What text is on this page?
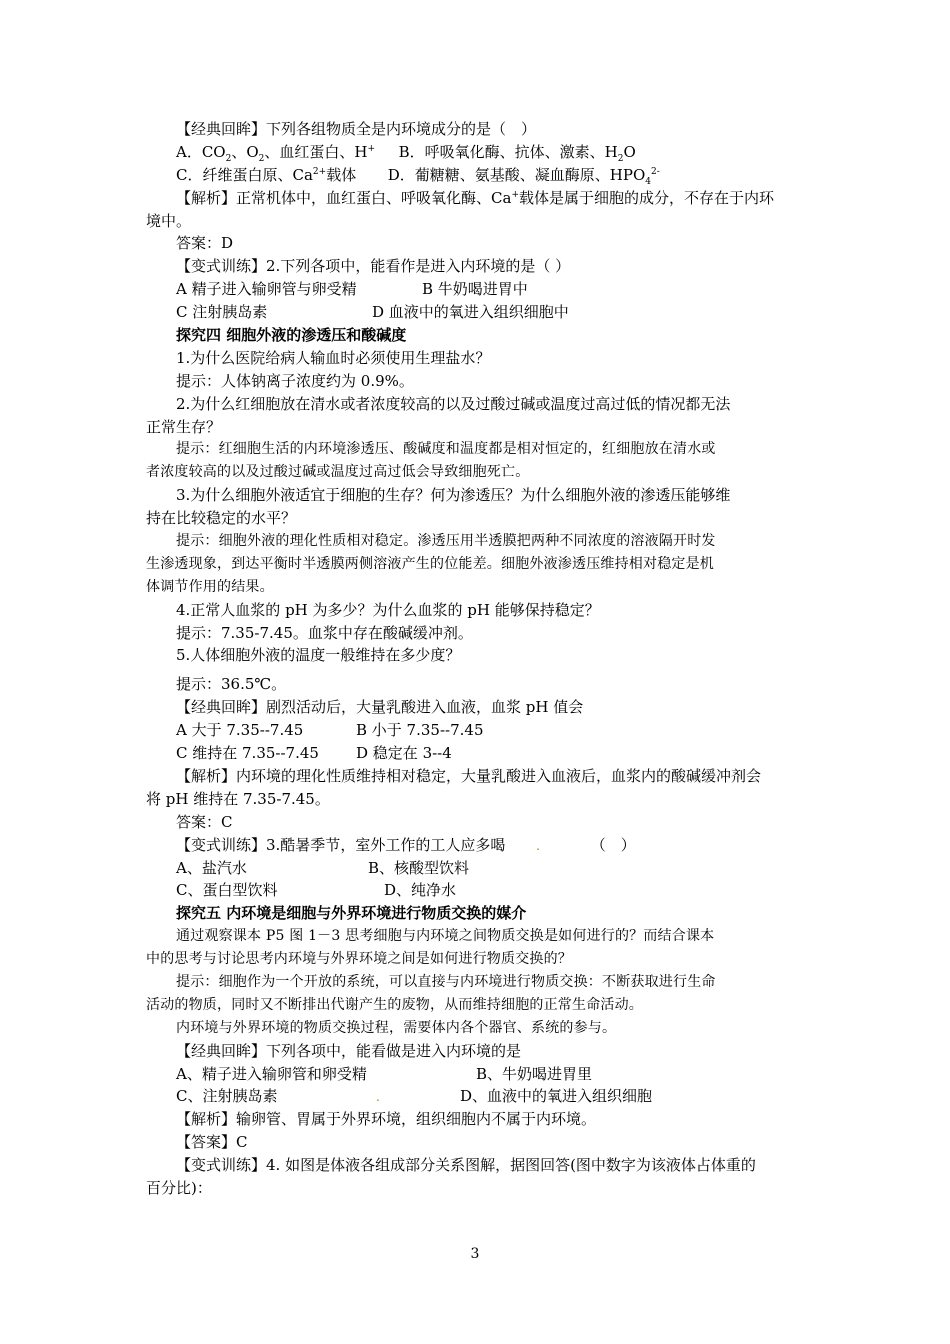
【经典回眸】下列各组物质全是内环境成分的是（　）
A．$CO_2$、$O_2$、血红蛋白、H+ B．呼吸氧化酶、抗体、激素、$H_2O$
C．纤维蛋白原、$Ca^{2+}$载体 D．葡糖糖、氨基酸、凝血酶原、$HPO_4^{2-}$
【解析】正常机体中，血红蛋白、呼吸氧化酶、Ca+载体是属于细胞的成分，不存在于内环
境中。
答案：D
【变式训练】2.下列各项中，能看作是进入内环境的是（ ）
A 精子进入输卵管与卵受精	B 牛奶喝进胃中
C 注射胰岛素	D 血液中的氧进入组织细胞中
探究四 细胞外液的渗透压和酸碱度
1.为什么医院给病人输血时必须使用生理盐水？
提示：人体钠离子浓度约为 0.9%。
2.为什么红细胞放在清水或者浓度较高的以及过酸过碱或温度过高过低的情况都无法
正常生存？
提示：红细胞生活的内环境渗透压、酸碱度和温度都是相对恒定的，红细胞放在清水或
者浓度较高的以及过酸过碱或温度过高过低会导致细胞死亡。
3.为什么细胞外液适宜于细胞的生存？何为渗透压？为什么细胞外液的渗透压能够维
持在比较稳定的水平？
提示：细胞外液的理化性质相对稳定。渗透压用半透膜把两种不同浓度的溶液隔开时发
生渗透现象，到达平衡时半透膜两侧溶液产生的位能差。细胞外液渗透压维持相对稳定是机
体调节作用的结果。
4.正常人血浆的 pH 为多少？为什么血浆的 pH 能够保持稳定？
提示：7.35-7.45。血浆中存在酸碱缓冲剂。
5.人体细胞外液的温度一般维持在多少度？
提示：36.5℃。
【经典回眸】剧烈活动后，大量乳酸进入血液，血浆 pH 值会
A 大于 7.35--7.45	B 小于 7.35--7.45
C 维持在 7.35--7.45 D 稳定在 3--4
【解析】内环境的理化性质维持相对稳定，大量乳酸进入血液后，血浆内的酸碱缓冲剂会
将 pH 维持在 7.35-7.45。
答案：C
【变式训练】3.酷暑季节，室外工作的工人应多喝	.	（　）
A、盐汽水	B、核酸型饮料
C、蛋白型饮料	D、纯净水
探究五 内环境是细胞与外界环境进行物质交换的媒介
通过观察课本 P5 图 1－3 思考细胞与内环境之间物质交换是如何进行的？而结合课本
中的思考与讨论思考内环境与外界环境之间是如何进行物质交换的？
提示：细胞作为一个开放的系统，可以直接与内环境进行物质交换：不断获取进行生命
活动的物质，同时又不断排出代谢产生的废物，从而维持细胞的正常生命活动。
内环境与外界环境的物质交换过程，需要体内各个器官、系统的参与。
【经典回眸】下列各项中，能看做是进入内环境的是
A、精子进入输卵管和卵受精	B、牛奶喝进胃里
C、注射胰岛素	.	D、血液中的氧进入组织细胞
【解析】输卵管、胃属于外界环境，组织细胞内不属于内环境。
【答案】C
【变式训练】4. 如图是体液各组成部分关系图解，据图回答(图中数字为该液体占体重的
百分比)：
3
